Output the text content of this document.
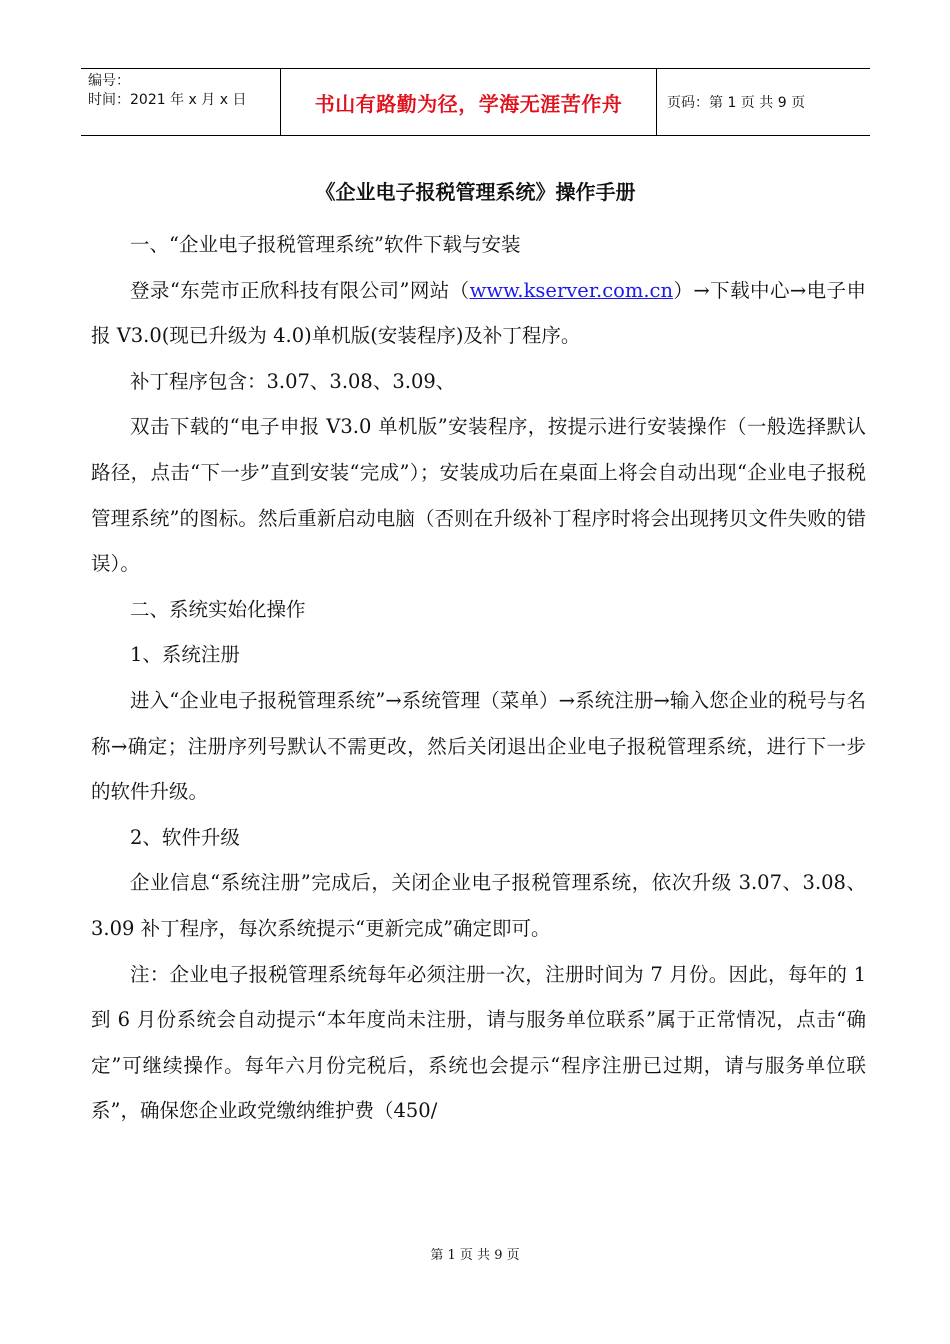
编号：
时间：2021 年 x 月 x 日	书山有路勤为径，学海无涯苦作舟	页码：第 1 页 共 9 页
《企业电子报税管理系统》操作手册

一、“企业电子报税管理系统”软件下载与安装

登录“东莞市正欣科技有限公司”网站（www.kserver.com.cn）→下载中心→电子申报 V3.0(现已升级为 4.0)单机版(安装程序)及补丁程序。

补丁程序包含：3.07、3.08、3.09、

双击下载的“电子申报 V3.0 单机版”安装程序，按提示进行安装操作（一般选择默认路径，点击“下一步”直到安装“完成”）；安装成功后在桌面上将会自动出现“企业电子报税管理系统”的图标。然后重新启动电脑（否则在升级补丁程序时将会出现拷贝文件失败的错误）。

二、系统实始化操作

1、系统注册

进入“企业电子报税管理系统”→系统管理（菜单）→系统注册→输入您企业的税号与名称→确定；注册序列号默认不需更改，然后关闭退出企业电子报税管理系统，进行下一步的软件升级。

2、软件升级

企业信息“系统注册”完成后，关闭企业电子报税管理系统，依次升级 3.07、3.08、3.09 补丁程序，每次系统提示“更新完成”确定即可。

注：企业电子报税管理系统每年必须注册一次，注册时间为 7 月份。因此，每年的 1 到 6 月份系统会自动提示“本年度尚未注册，请与服务单位联系”属于正常情况，点击“确定”可继续操作。每年六月份完税后，系统也会提示“程序注册已过期，请与服务单位联系”，确保您企业政党缴纳维护费（450/

第 1 页 共 9 页
